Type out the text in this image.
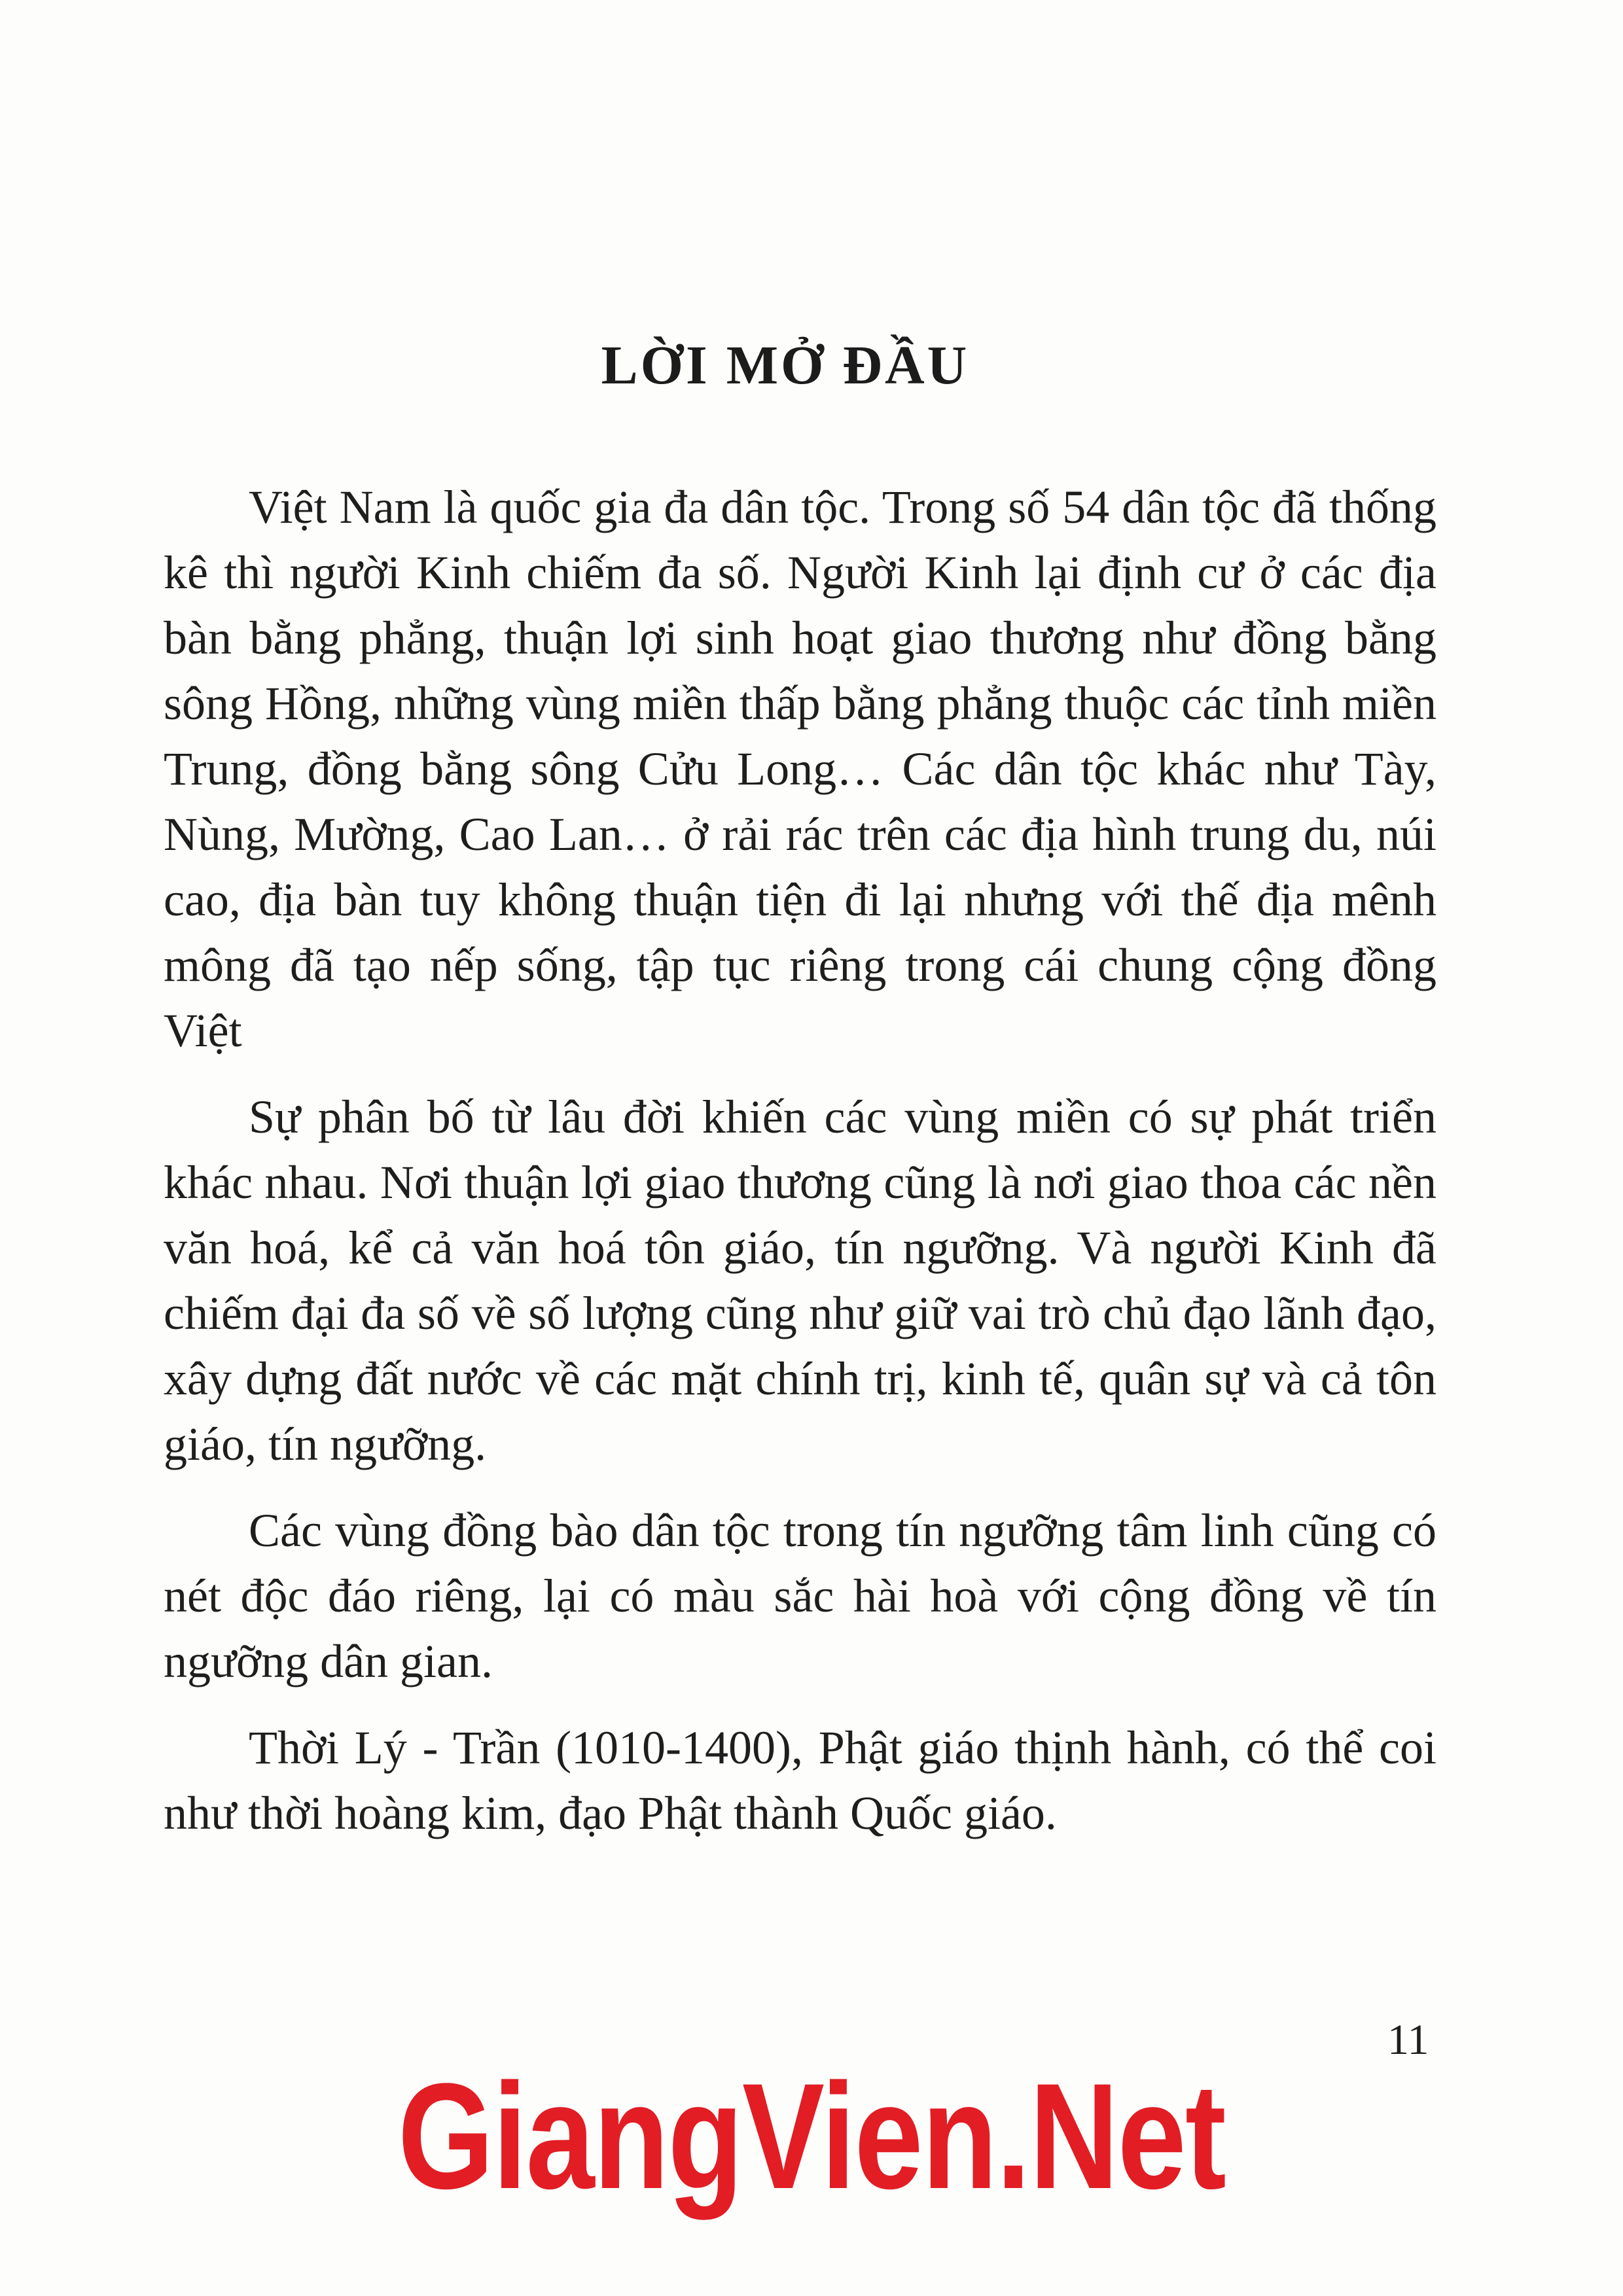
LỜI MỞ ĐẦU

Việt Nam là quốc gia đa dân tộc. Trong số 54 dân tộc đã thống kê thì người Kinh chiếm đa số. Người Kinh lại định cư ở các địa bàn bằng phẳng, thuận lợi sinh hoạt giao thương như đồng bằng sông Hồng, những vùng miền thấp bằng phẳng thuộc các tỉnh miền Trung, đồng bằng sông Cửu Long… Các dân tộc khác như Tày, Nùng, Mường, Cao Lan… ở rải rác trên các địa hình trung du, núi cao, địa bàn tuy không thuận tiện đi lại nhưng với thế địa mênh mông đã tạo nếp sống, tập tục riêng trong cái chung cộng đồng Việt

Sự phân bố từ lâu đời khiến các vùng miền có sự phát triển khác nhau. Nơi thuận lợi giao thương cũng là nơi giao thoa các nền văn hoá, kể cả văn hoá tôn giáo, tín ngưỡng. Và người Kinh đã chiếm đại đa số về số lượng cũng như giữ vai trò chủ đạo lãnh đạo, xây dựng đất nước về các mặt chính trị, kinh tế, quân sự và cả tôn giáo, tín ngưỡng.

Các vùng đồng bào dân tộc trong tín ngưỡng tâm linh cũng có nét độc đáo riêng, lại có màu sắc hài hoà với cộng đồng về tín ngưỡng dân gian.

Thời Lý - Trần (1010-1400), Phật giáo thịnh hành, có thể coi như thời hoàng kim, đạo Phật thành Quốc giáo.

11
GiangVien.Net
